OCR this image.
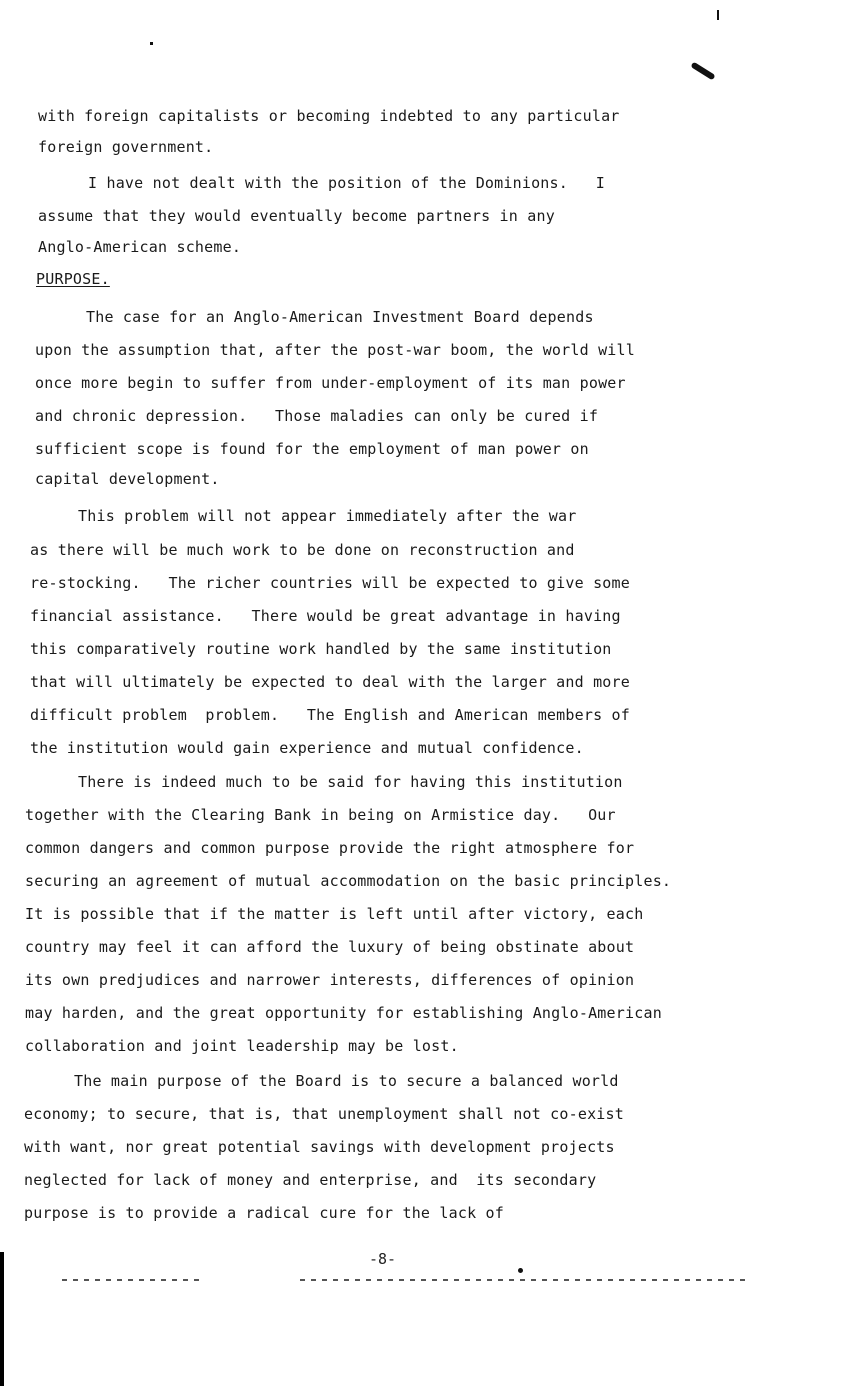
with foreign capitalists or becoming indebted to any particular
foreign government.
I have not dealt with the position of the Dominions.   I
assume that they would eventually become partners in any
Anglo-American scheme.
PURPOSE.
The case for an Anglo-American Investment Board depends
upon the assumption that, after the post-war boom, the world will
once more begin to suffer from under-employment of its man power
and chronic depression.   Those maladies can only be cured if
sufficient scope is found for the employment of man power on
capital development.
This problem will not appear immediately after the war
as there will be much work to be done on reconstruction and
re-stocking.   The richer countries will be expected to give some
financial assistance.   There would be great advantage in having
this comparatively routine work handled by the same institution
that will ultimately be expected to deal with the larger and more
difficult problem  problem.   The English and American members of
the institution would gain experience and mutual confidence.
There is indeed much to be said for having this institution
together with the Clearing Bank in being on Armistice day.   Our
common dangers and common purpose provide the right atmosphere for
securing an agreement of mutual accommodation on the basic principles.
It is possible that if the matter is left until after victory, each
country may feel it can afford the luxury of being obstinate about
its own predjudices and narrower interests, differences of opinion
may harden, and the great opportunity for establishing Anglo-American
collaboration and joint leadership may be lost.
The main purpose of the Board is to secure a balanced world
economy; to secure, that is, that unemployment shall not co-exist
with want, nor great potential savings with development projects
neglected for lack of money and enterprise, and  its secondary
purpose is to provide a radical cure for the lack of
-8-
